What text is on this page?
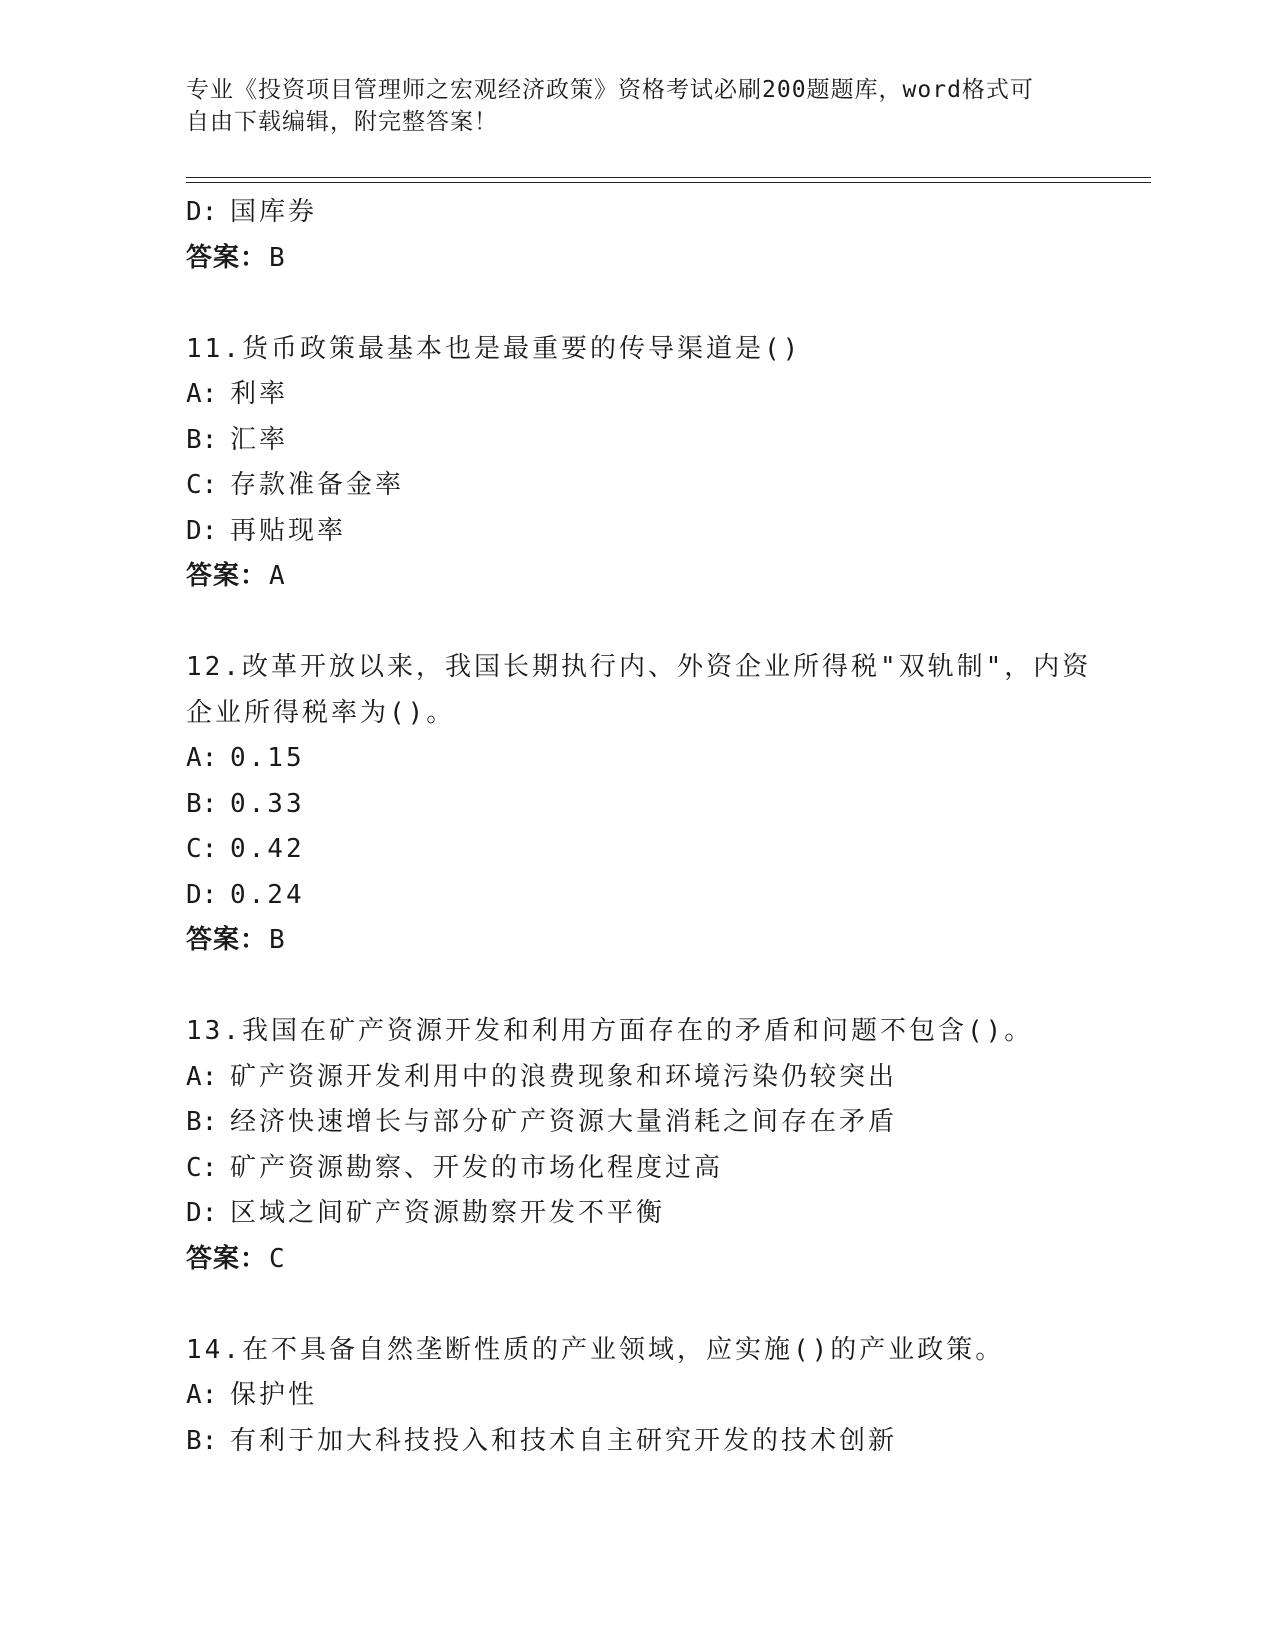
专业《投资项目管理师之宏观经济政策》资格考试必刷200题题库，word格式可
自由下载编辑，附完整答案！
D: 国库券
答案：B
11.货币政策最基本也是最重要的传导渠道是()
A: 利率
B: 汇率
C: 存款准备金率
D: 再贴现率
答案：A
12.改革开放以来，我国长期执行内、外资企业所得税"双轨制"，内资
企业所得税率为()。
A: 0.15
B: 0.33
C: 0.42
D: 0.24
答案：B
13.我国在矿产资源开发和利用方面存在的矛盾和问题不包含()。
A: 矿产资源开发利用中的浪费现象和环境污染仍较突出
B: 经济快速增长与部分矿产资源大量消耗之间存在矛盾
C: 矿产资源勘察、开发的市场化程度过高
D: 区域之间矿产资源勘察开发不平衡
答案：C
14.在不具备自然垄断性质的产业领域，应实施()的产业政策。
A: 保护性
B: 有利于加大科技投入和技术自主研究开发的技术创新
